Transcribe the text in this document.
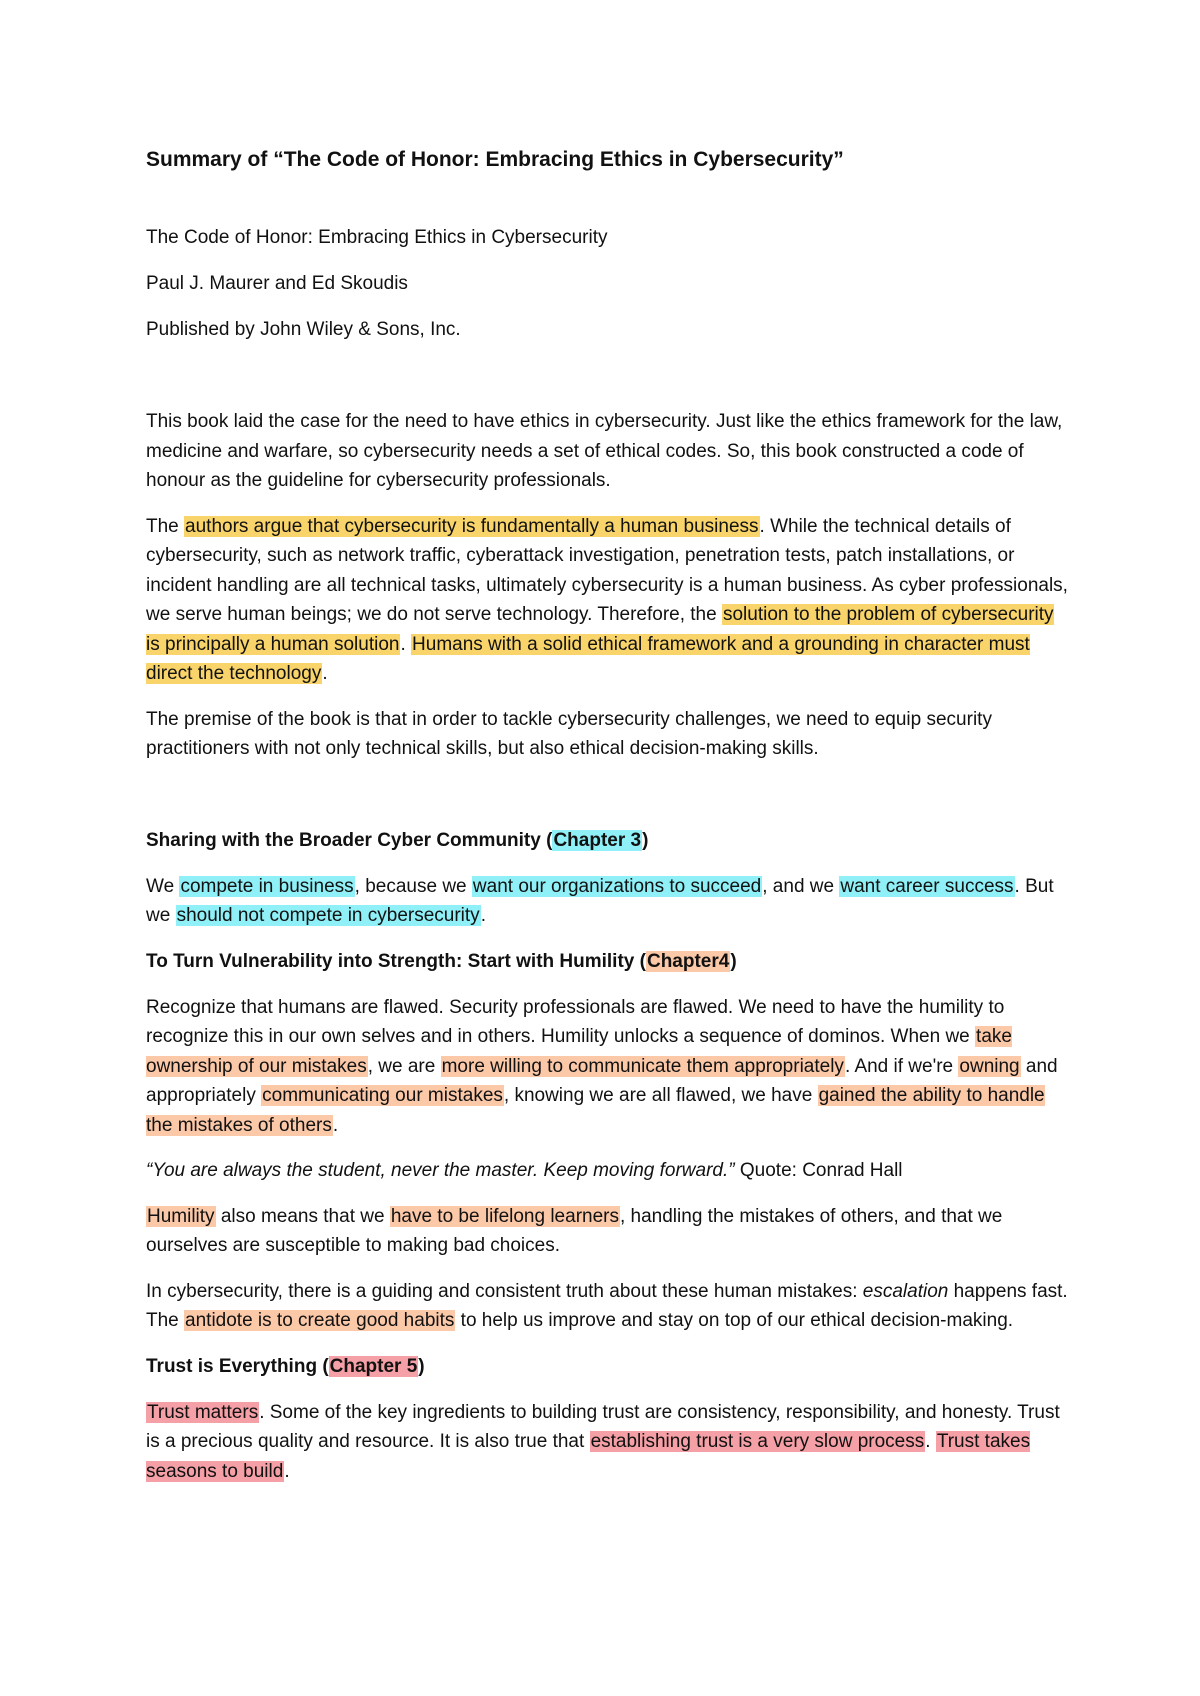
Summary of “The Code of Honor: Embracing Ethics in Cybersecurity”
The Code of Honor: Embracing Ethics in Cybersecurity
Paul J. Maurer and Ed Skoudis
Published by John Wiley & Sons, Inc.

This book laid the case for the need to have ethics in cybersecurity. Just like the ethics framework for the law, medicine and warfare, so cybersecurity needs a set of ethical codes. So, this book constructed a code of honour as the guideline for cybersecurity professionals.

The authors argue that cybersecurity is fundamentally a human business. While the technical details of cybersecurity, such as network traffic, cyberattack investigation, penetration tests, patch installations, or incident handling are all technical tasks, ultimately cybersecurity is a human business. As cyber professionals, we serve human beings; we do not serve technology. Therefore, the solution to the problem of cybersecurity is principally a human solution. Humans with a solid ethical framework and a grounding in character must direct the technology.

The premise of the book is that in order to tackle cybersecurity challenges, we need to equip security practitioners with not only technical skills, but also ethical decision-making skills.

Sharing with the Broader Cyber Community (Chapter 3)

We compete in business, because we want our organizations to succeed, and we want career success. But we should not compete in cybersecurity.

To Turn Vulnerability into Strength: Start with Humility (Chapter4)

Recognize that humans are flawed. Security professionals are flawed. We need to have the humility to recognize this in our own selves and in others. Humility unlocks a sequence of dominos. When we take ownership of our mistakes, we are more willing to communicate them appropriately. And if we're owning and appropriately communicating our mistakes, knowing we are all flawed, we have gained the ability to handle the mistakes of others.

“You are always the student, never the master. Keep moving forward.” Quote: Conrad Hall

Humility also means that we have to be lifelong learners, handling the mistakes of others, and that we ourselves are susceptible to making bad choices.

In cybersecurity, there is a guiding and consistent truth about these human mistakes: escalation happens fast. The antidote is to create good habits to help us improve and stay on top of our ethical decision-making.

Trust is Everything (Chapter 5)

Trust matters. Some of the key ingredients to building trust are consistency, responsibility, and honesty. Trust is a precious quality and resource. It is also true that establishing trust is a very slow process. Trust takes seasons to build.
